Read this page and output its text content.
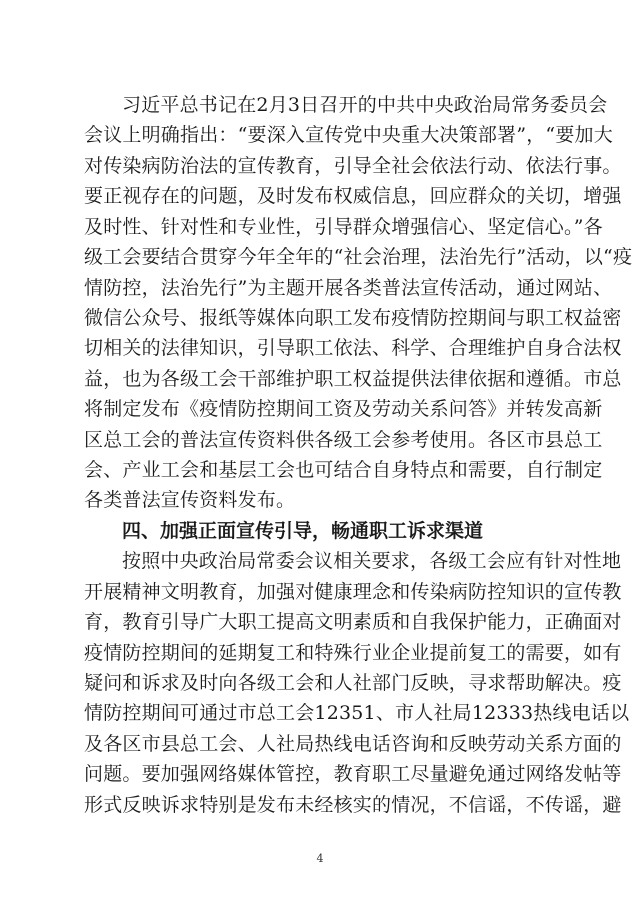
习近平总书记在2月3日召开的中共中央政治局常务委员会
会议上明确指出：“要深入宣传党中央重大决策部署”，“要加大
对传染病防治法的宣传教育，引导全社会依法行动、依法行事。
要正视存在的问题，及时发布权威信息，回应群众的关切，增强
及时性、针对性和专业性，引导群众增强信心、坚定信心。”各
级工会要结合贯穿今年全年的“社会治理，法治先行”活动，以“疫
情防控，法治先行”为主题开展各类普法宣传活动，通过网站、
微信公众号、报纸等媒体向职工发布疫情防控期间与职工权益密
切相关的法律知识，引导职工依法、科学、合理维护自身合法权
益，也为各级工会干部维护职工权益提供法律依据和遵循。市总
将制定发布《疫情防控期间工资及劳动关系问答》并转发高新
区总工会的普法宣传资料供各级工会参考使用。各区市县总工
会、产业工会和基层工会也可结合自身特点和需要，自行制定
各类普法宣传资料发布。
四、加强正面宣传引导，畅通职工诉求渠道
按照中央政治局常委会议相关要求，各级工会应有针对性地
开展精神文明教育，加强对健康理念和传染病防控知识的宣传教
育，教育引导广大职工提高文明素质和自我保护能力，正确面对
疫情防控期间的延期复工和特殊行业企业提前复工的需要，如有
疑问和诉求及时向各级工会和人社部门反映，寻求帮助解决。疫
情防控期间可通过市总工会12351、市人社局12333热线电话以
及各区市县总工会、人社局热线电话咨询和反映劳动关系方面的
问题。要加强网络媒体管控，教育职工尽量避免通过网络发帖等
形式反映诉求特别是发布未经核实的情况，不信谣，不传谣，避
4
